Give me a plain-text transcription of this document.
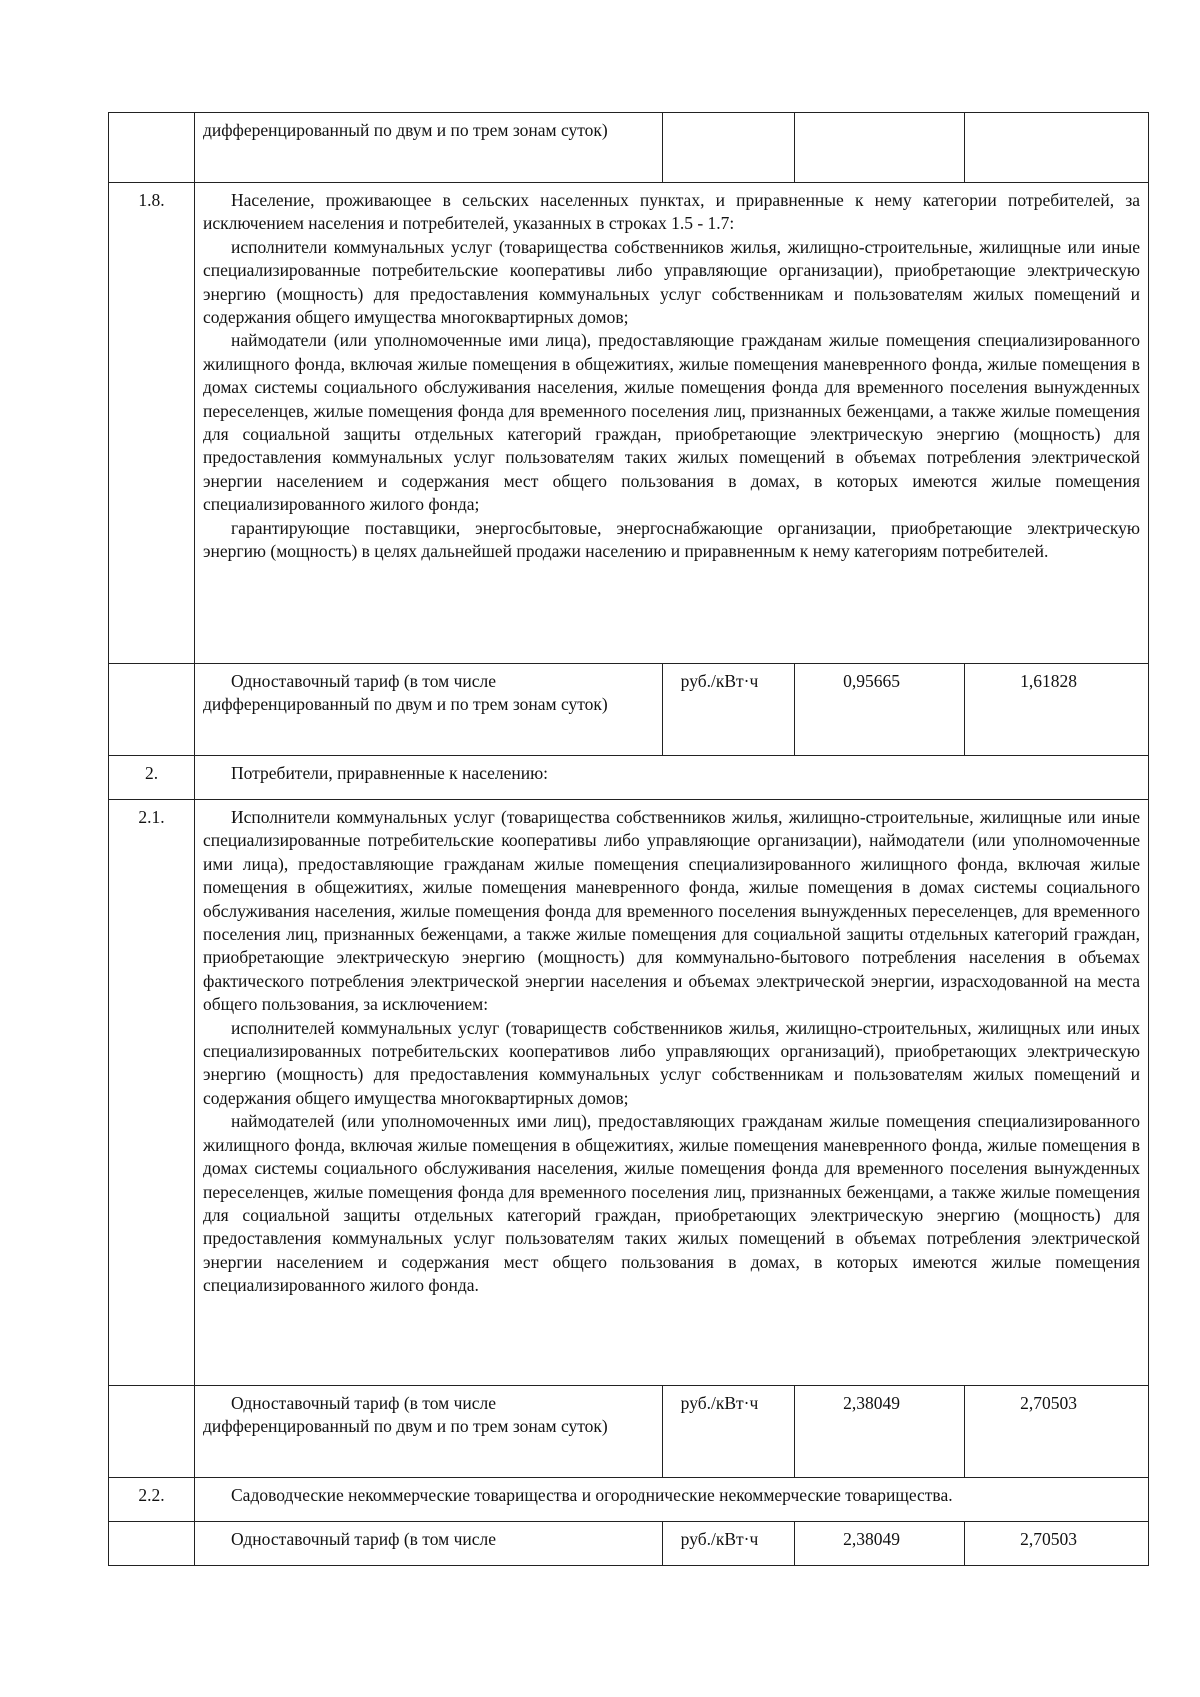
	дифференцированный по двум и по трем зонам суток)			
1.8.	Население, проживающее в сельских населенных пунктах, и приравненные к нему категории потребителей, за исключением населения и потребителей, указанных в строках 1.5 - 1.7:

исполнители коммунальных услуг (товарищества собственников жилья, жилищно-строительные, жилищные или иные специализированные потребительские кооперативы либо управляющие организации), приобретающие электрическую энергию (мощность) для предоставления коммунальных услуг собственникам и пользователям жилых помещений и содержания общего имущества многоквартирных домов;

наймодатели (или уполномоченные ими лица), предоставляющие гражданам жилые помещения специализированного жилищного фонда, включая жилые помещения в общежитиях, жилые помещения маневренного фонда, жилые помещения в домах системы социального обслуживания населения, жилые помещения фонда для временного поселения вынужденных переселенцев, жилые помещения фонда для временного поселения лиц, признанных беженцами, а также жилые помещения для социальной защиты отдельных категорий граждан, приобретающие электрическую энергию (мощность) для предоставления коммунальных услуг пользователям таких жилых помещений в объемах потребления электрической энергии населением и содержания мест общего пользования в домах, в которых имеются жилые помещения специализированного жилого фонда;

гарантирующие поставщики, энергосбытовые, энергоснабжающие организации, приобретающие электрическую энергию (мощность) в целях дальнейшей продажи населению и приравненным к нему категориям потребителей.			

	Одноставочный тариф (в том числе дифференцированный по двум и по трем зонам суток)	руб./кВт·ч	0,95665	1,61828
2.	Потребители, приравненные к населению:			

2.1.	Исполнители коммунальных услуг (товарищества собственников жилья, жилищно-строительные, жилищные или иные специализированные потребительские кооперативы либо управляющие организации), наймодатели (или уполномоченные ими лица), предоставляющие гражданам жилые помещения специализированного жилищного фонда, включая жилые помещения в общежитиях, жилые помещения маневренного фонда, жилые помещения в домах системы социального обслуживания населения, жилые помещения фонда для временного поселения вынужденных переселенцев, для временного поселения лиц, признанных беженцами, а также жилые помещения для социальной защиты отдельных категорий граждан, приобретающие электрическую энергию (мощность) для коммунально-бытового потребления населения в объемах фактического потребления электрической энергии населения и объемах электрической энергии, израсходованной на места общего пользования, за исключением:

исполнителей коммунальных услуг (товариществ собственников жилья, жилищно-строительных, жилищных или иных специализированных потребительских кооперативов либо управляющих организаций), приобретающих электрическую энергию (мощность) для предоставления коммунальных услуг собственникам и пользователям жилых помещений и содержания общего имущества многоквартирных домов;

наймодателей (или уполномоченных ими лиц), предоставляющих гражданам жилые помещения специализированного жилищного фонда, включая жилые помещения в общежитиях, жилые помещения маневренного фонда, жилые помещения в домах системы социального обслуживания населения, жилые помещения фонда для временного поселения вынужденных переселенцев, жилые помещения фонда для временного поселения лиц, признанных беженцами, а также жилые помещения для социальной защиты отдельных категорий граждан, приобретающих электрическую энергию (мощность) для предоставления коммунальных услуг пользователям таких жилых помещений в объемах потребления электрической энергии населением и содержания мест общего пользования в домах, в которых имеются жилые помещения специализированного жилого фонда.			

	Одноставочный тариф (в том числе дифференцированный по двум и по трем зонам суток)	руб./кВт·ч	2,38049	2,70503
2.2.	Садоводческие некоммерческие товарищества и огороднические некоммерческие товарищества.			

	Одноставочный тариф (в том числе	руб./кВт·ч	2,38049	2,70503
